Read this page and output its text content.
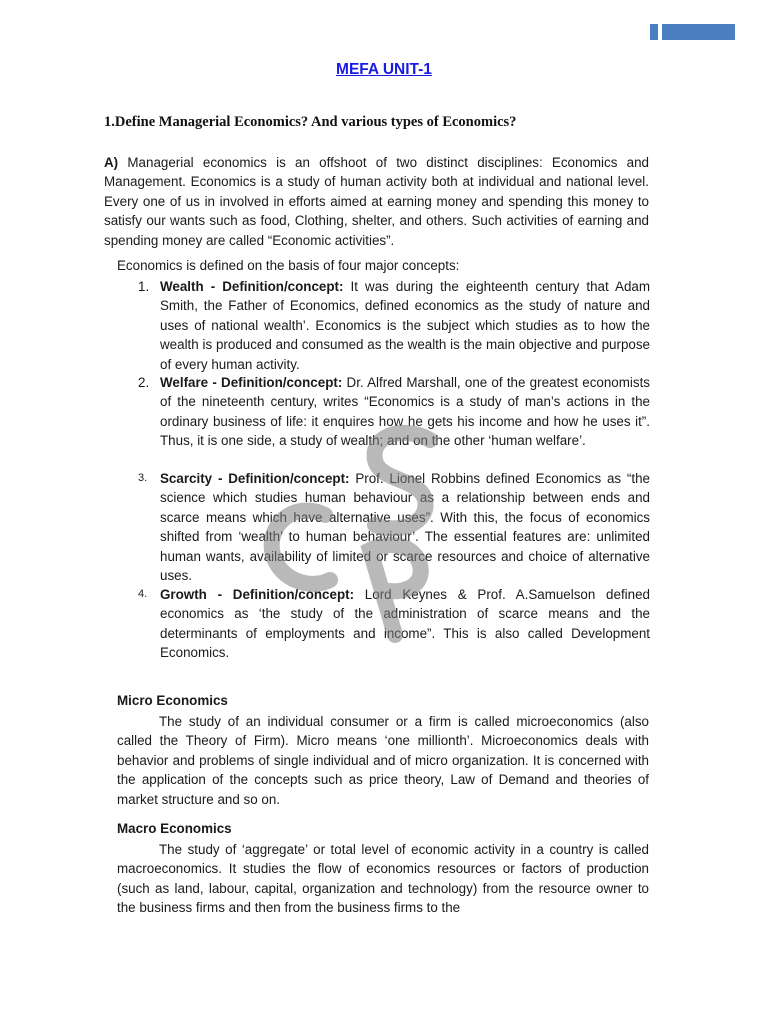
MEFA UNIT-1
1.Define Managerial Economics? And various types of Economics?

A) Managerial economics is an offshoot of two distinct disciplines: Economics and Management. Economics is a study of human activity both at individual and national level. Every one of us in involved in efforts aimed at earning money and spending this money to satisfy our wants such as food, Clothing, shelter, and others. Such activities of earning and spending money are called “Economic activities”.

Economics is defined on the basis of four major concepts:

1. Wealth - Definition/concept: It was during the eighteenth century that Adam Smith, the Father of Economics, defined economics as the study of nature and uses of national wealth’. Economics is the subject which studies as to how the wealth is produced and consumed as the wealth is the main objective and purpose of every human activity.

2. Welfare - Definition/concept: Dr. Alfred Marshall, one of the greatest economists of the nineteenth century, writes “Economics is a study of man’s actions in the ordinary business of life: it enquires how he gets his income and how he uses it”. Thus, it is one side, a study of wealth; and on the other ‘human welfare’.

3. Scarcity - Definition/concept: Prof. Lionel Robbins defined Economics as “the science which studies human behaviour as a relationship between ends and scarce means which have alternative uses”. With this, the focus of economics shifted from ‘wealth’ to human behaviour’. The essential features are: unlimited human wants, availability of limited or scarce resources and choice of alternative uses.

4. Growth - Definition/concept: Lord Keynes & Prof. A.Samuelson defined economics as ‘the study of the administration of scarce means and the determinants of employments and income”. This is also called Development Economics.

Micro Economics

The study of an individual consumer or a firm is called microeconomics (also called the Theory of Firm). Micro means ‘one millionth’. Microeconomics deals with behavior and problems of single individual and of micro organization. It is concerned with the application of the concepts such as price theory, Law of Demand and theories of market structure and so on.

Macro Economics

The study of ‘aggregate’ or total level of economic activity in a country is called macroeconomics. It studies the flow of economics resources or factors of production (such as land, labour, capital, organization and technology) from the resource owner to the business firms and then from the business firms to the
